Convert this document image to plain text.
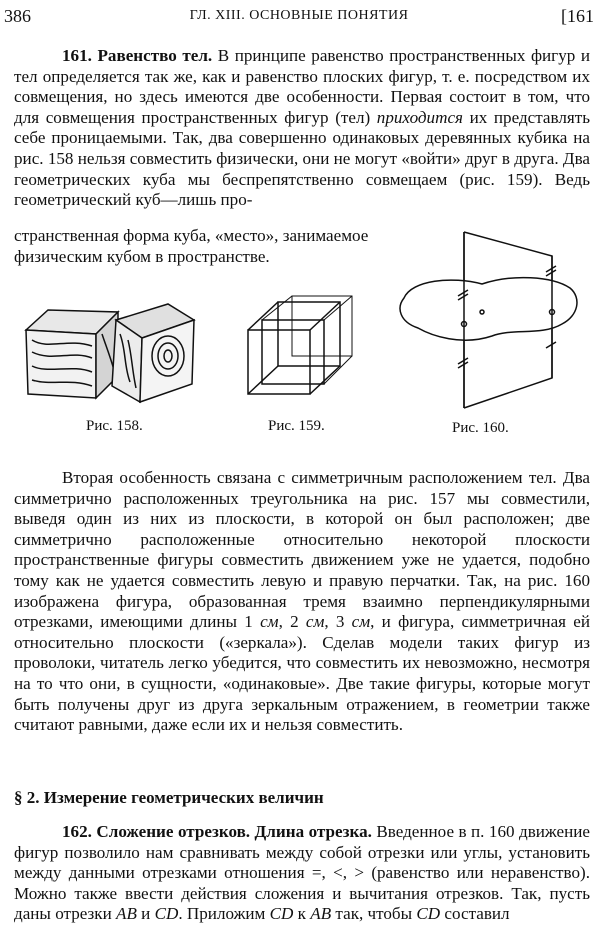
386	ГЛ. XIII. ОСНОВНЫЕ ПОНЯТИЯ	[161

161. Равенство тел. В принципе равенство пространственных фигур и тел определяется так же, как и равенство плоских фигур, т. е. посредством их совмещения, но здесь имеются две особенности. Первая состоит в том, что для совмещения пространственных фигур (тел) приходится их представлять себе проницаемыми. Так, два совершенно одинаковых деревянных кубика на рис. 158 нельзя совместить физически, они не могут «войти» друг в друга. Два геометрических куба мы беспрепятственно совмещаем (рис. 159). Ведь геометрический куб—лишь про-

странственная форма куба, «место», занимаемое физическим кубом в пространстве.

Рис. 158.	Рис. 159.	Рис. 160.

Вторая особенность связана с симметричным расположением тел. Два симметрично расположенных треугольника на рис. 157 мы совместили, выведя один из них из плоскости, в которой он был расположен; две симметрично расположенные относительно некоторой плоскости пространственные фигуры совместить движением уже не удается, подобно тому как не удается совместить левую и правую перчатки. Так, на рис. 160 изображена фигура, образованная тремя взаимно перпендикулярными отрезками, имеющими длины 1 см, 2 см, 3 см, и фигура, симметричная ей относительно плоскости («зеркала»). Сделав модели таких фигур из проволоки, читатель легко убедится, что совместить их невозможно, несмотря на то что они, в сущности, «одинаковые». Две такие фигуры, которые могут быть получены друг из друга зеркальным отражением, в геометрии также считают равными, даже если их и нельзя совместить.

§ 2. Измерение геометрических величин

162. Сложение отрезков. Длина отрезка. Введенное в п. 160 движение фигур позволило нам сравнивать между собой отрезки или углы, установить между данными отрезками отношения =, <, > (равенство или неравенство). Можно также ввести действия сложения и вычитания отрезков. Так, пусть даны отрезки AB и CD. Приложим CD к AB так, чтобы CD составил
